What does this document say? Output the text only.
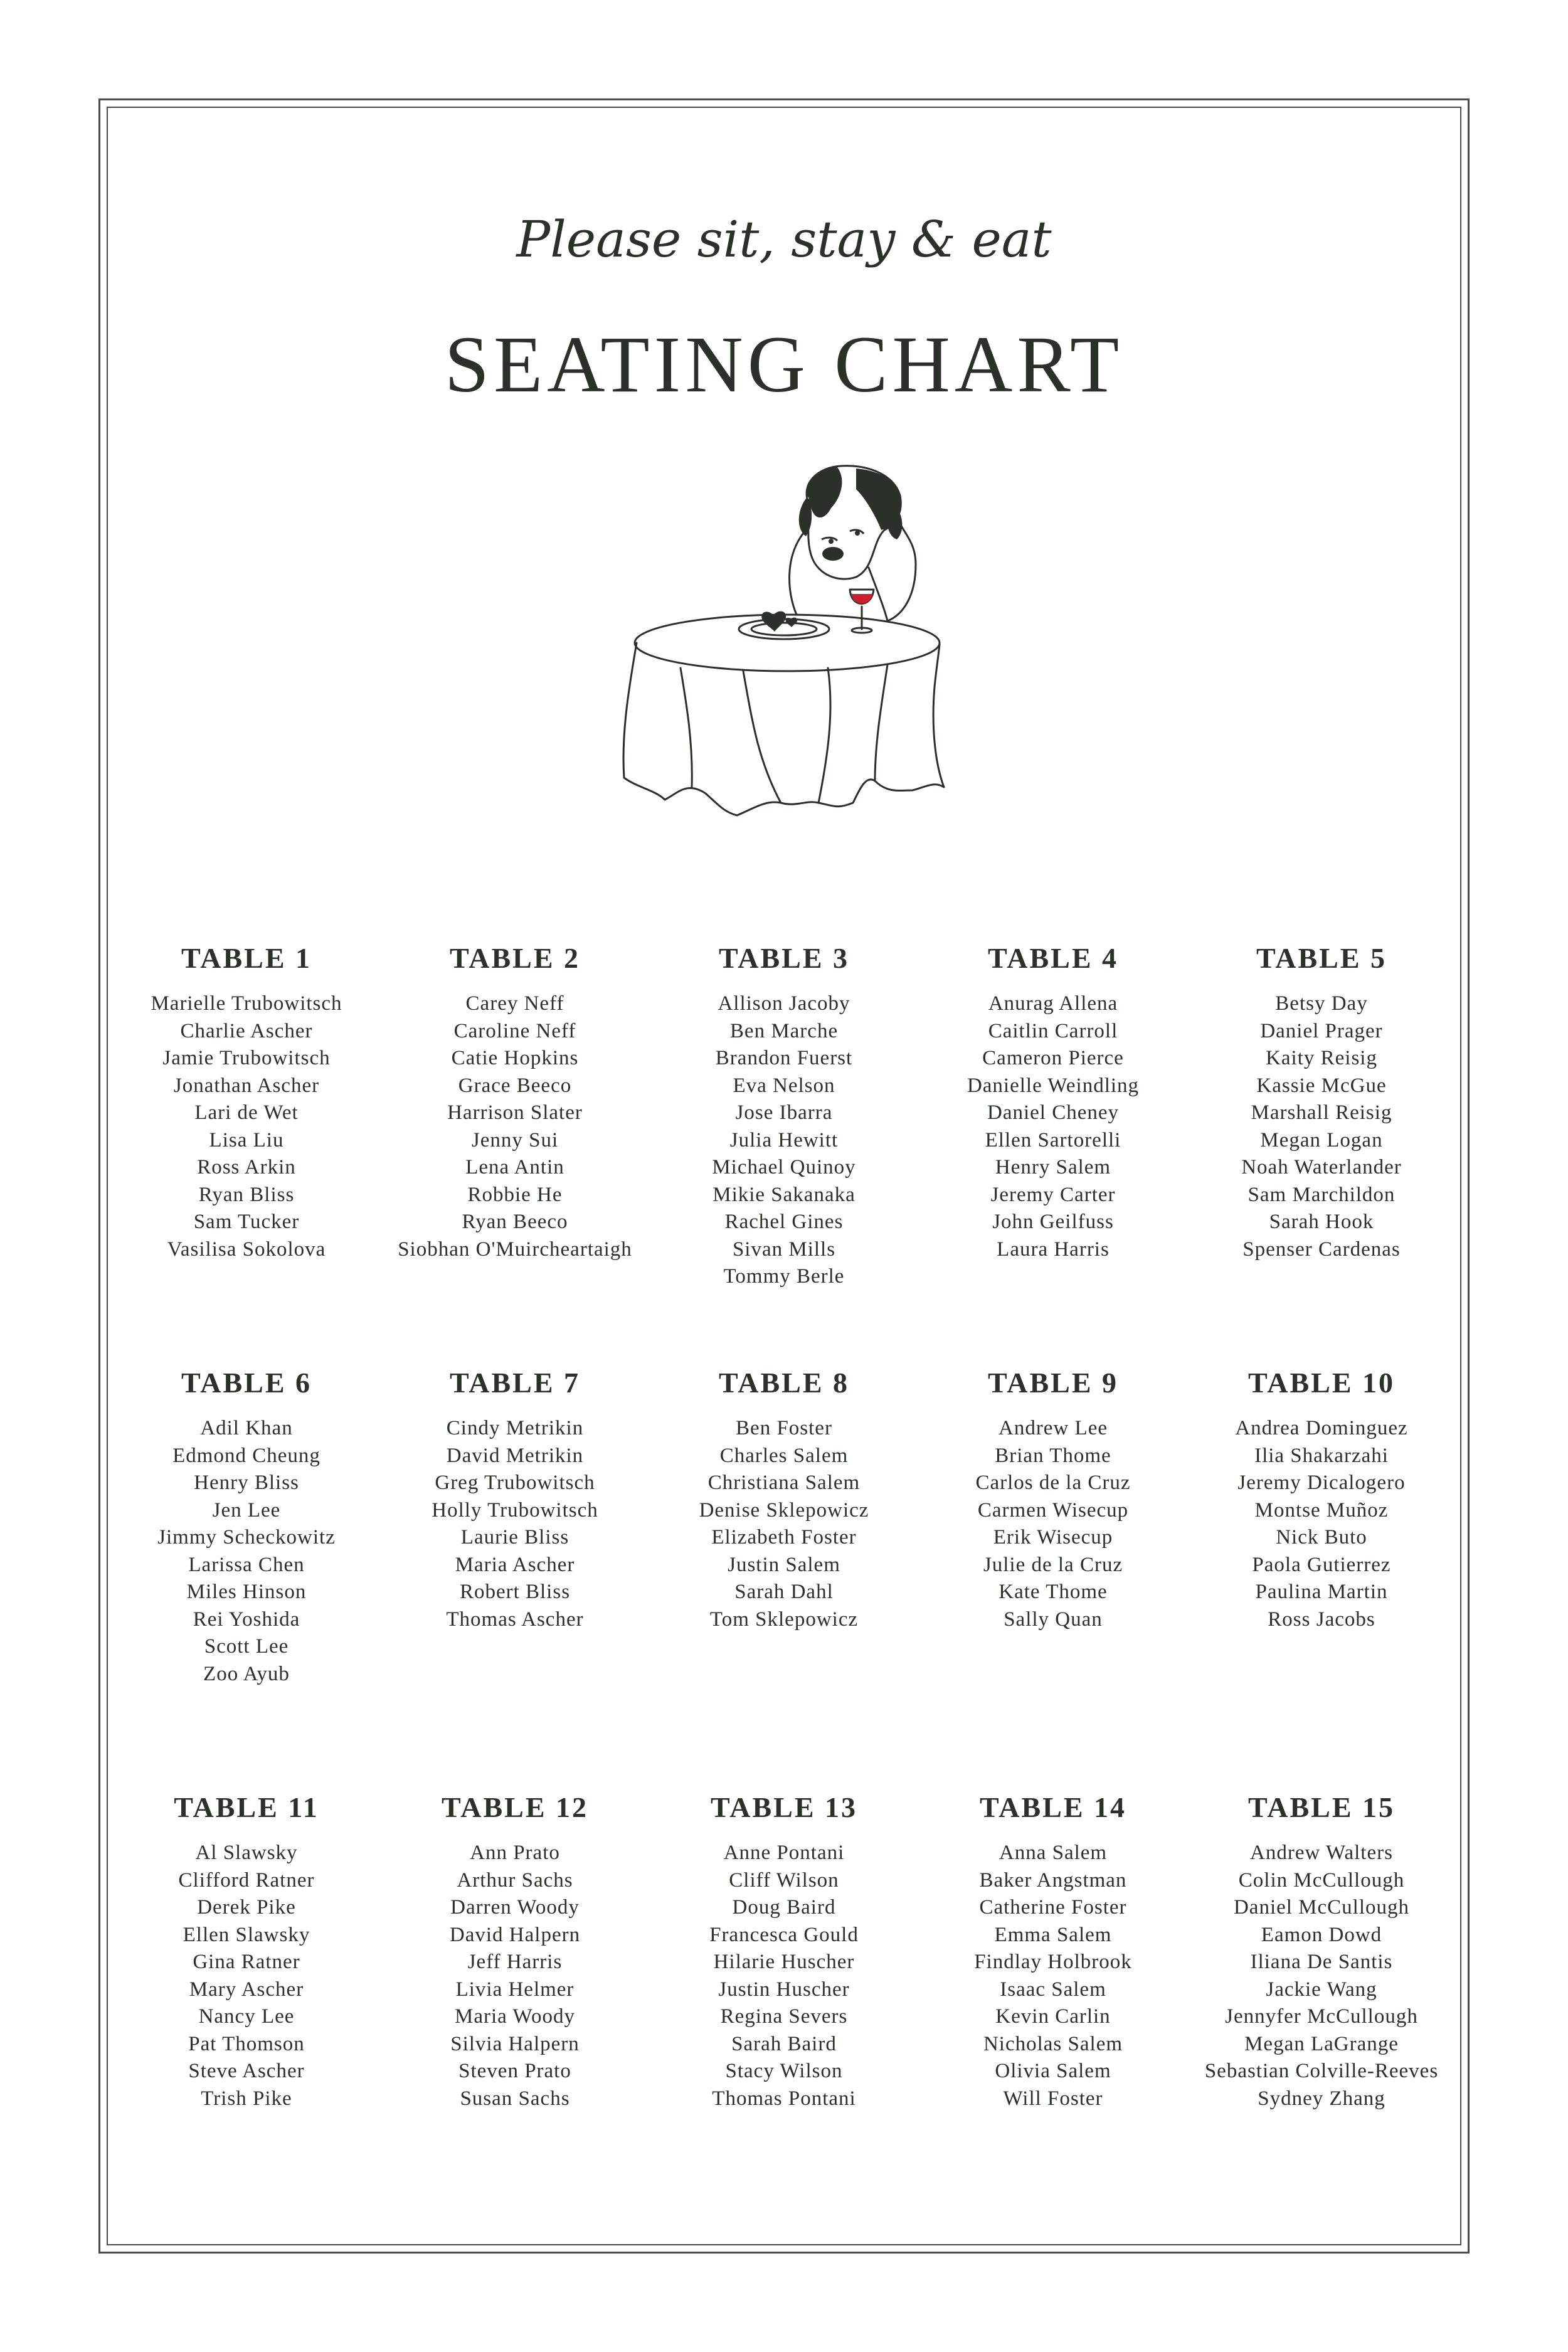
Please sit, stay & eat
SEATING CHART
TABLE 1
Marielle Trubowitsch
Charlie Ascher
Jamie Trubowitsch
Jonathan Ascher
Lari de Wet
Lisa Liu
Ross Arkin
Ryan Bliss
Sam Tucker
Vasilisa Sokolova
TABLE 2
Carey Neff
Caroline Neff
Catie Hopkins
Grace Beeco
Harrison Slater
Jenny Sui
Lena Antin
Robbie He
Ryan Beeco
Siobhan O'Muircheartaigh
TABLE 3
Allison Jacoby
Ben Marche
Brandon Fuerst
Eva Nelson
Jose Ibarra
Julia Hewitt
Michael Quinoy
Mikie Sakanaka
Rachel Gines
Sivan Mills
Tommy Berle
TABLE 4
Anurag Allena
Caitlin Carroll
Cameron Pierce
Danielle Weindling
Daniel Cheney
Ellen Sartorelli
Henry Salem
Jeremy Carter
John Geilfuss
Laura Harris
TABLE 5
Betsy Day
Daniel Prager
Kaity Reisig
Kassie McGue
Marshall Reisig
Megan Logan
Noah Waterlander
Sam Marchildon
Sarah Hook
Spenser Cardenas
TABLE 6
Adil Khan
Edmond Cheung
Henry Bliss
Jen Lee
Jimmy Scheckowitz
Larissa Chen
Miles Hinson
Rei Yoshida
Scott Lee
Zoo Ayub
TABLE 7
Cindy Metrikin
David Metrikin
Greg Trubowitsch
Holly Trubowitsch
Laurie Bliss
Maria Ascher
Robert Bliss
Thomas Ascher
TABLE 8
Ben Foster
Charles Salem
Christiana Salem
Denise Sklepowicz
Elizabeth Foster
Justin Salem
Sarah Dahl
Tom Sklepowicz
TABLE 9
Andrew Lee
Brian Thome
Carlos de la Cruz
Carmen Wisecup
Erik Wisecup
Julie de la Cruz
Kate Thome
Sally Quan
TABLE 10
Andrea Dominguez
Ilia Shakarzahi
Jeremy Dicalogero
Montse Muñoz
Nick Buto
Paola Gutierrez
Paulina Martin
Ross Jacobs
TABLE 11
Al Slawsky
Clifford Ratner
Derek Pike
Ellen Slawsky
Gina Ratner
Mary Ascher
Nancy Lee
Pat Thomson
Steve Ascher
Trish Pike
TABLE 12
Ann Prato
Arthur Sachs
Darren Woody
David Halpern
Jeff Harris
Livia Helmer
Maria Woody
Silvia Halpern
Steven Prato
Susan Sachs
TABLE 13
Anne Pontani
Cliff Wilson
Doug Baird
Francesca Gould
Hilarie Huscher
Justin Huscher
Regina Severs
Sarah Baird
Stacy Wilson
Thomas Pontani
TABLE 14
Anna Salem
Baker Angstman
Catherine Foster
Emma Salem
Findlay Holbrook
Isaac Salem
Kevin Carlin
Nicholas Salem
Olivia Salem
Will Foster
TABLE 15
Andrew Walters
Colin McCullough
Daniel McCullough
Eamon Dowd
Iliana De Santis
Jackie Wang
Jennyfer McCullough
Megan LaGrange
Sebastian Colville-Reeves
Sydney Zhang
